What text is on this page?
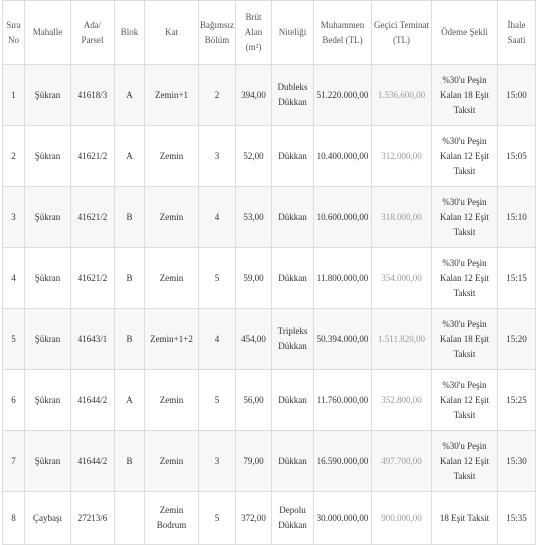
Sıra No	Mahalle	Ada/ Parsel	Blok	Kat	Bağımsız Bölüm	Brüt Alan (m²)	Niteliği	Muhammen Bedel (TL)	Geçici Teminat (TL)	Ödeme Şekli	İhale Saati
1	Şükran	41618/3	A	Zemin+1	2	394,00	Dubleks Dükkan	51.220.000,00	1.536.600,00	%30'u Peşin Kalan 18 Eşit Taksit	15:00
2	Şükran	41621/2	A	Zemin	3	52,00	Dükkan	10.400.000,00	312.000,00	%30'u Peşin Kalan 12 Eşit Taksit	15:05
3	Şükran	41621/2	B	Zemin	4	53,00	Dükkan	10.600.000,00	318.000,00	%30'u Peşin Kalan 12 Eşit Taksit	15:10
4	Şükran	41621/2	B	Zemin	5	59,00	Dükkan	11.800.000,00	354.000,00	%30'u Peşin Kalan 12 Eşit Taksit	15:15
5	Şükran	41643/1	B	Zemin+1+2	4	454,00	Tripleks Dükkan	50.394.000,00	1.511.820,00	%30'u Peşin Kalan 18 Eşit Taksit	15:20
6	Şükran	41644/2	A	Zemin	5	56,00	Dükkan	11.760.000,00	352.800,00	%30'u Peşin Kalan 12 Eşit Taksit	15:25
7	Şükran	41644/2	B	Zemin	3	79,00	Dükkan	16.590.000,00	497.700,00	%30'u Peşin Kalan 12 Eşit Taksit	15:30
8	Çaybaşı	27213/6		Zemin Bodrum	5	372,00	Depolu Dükkan	30.000.000,00	900.000,00	18 Eşit Taksit	15:35
